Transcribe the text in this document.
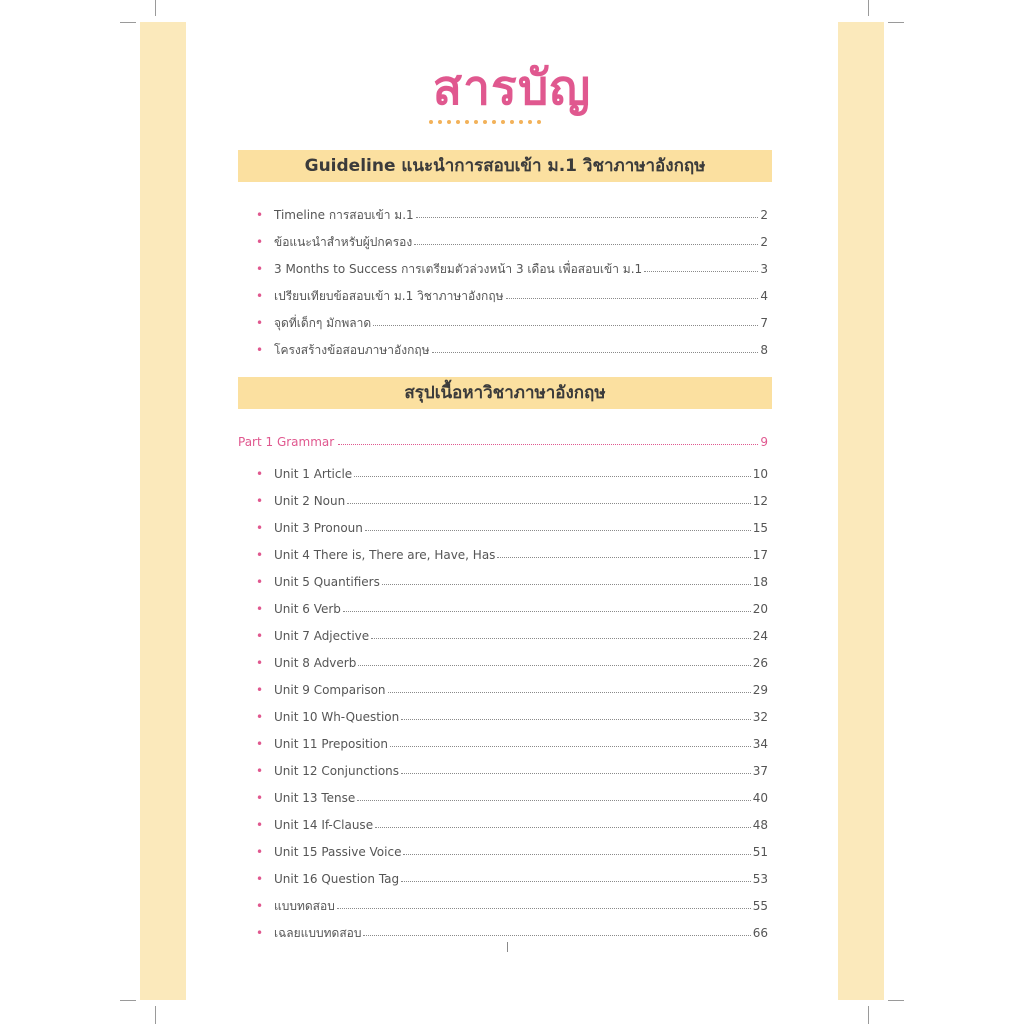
สารบัญ
Guideline แนะนำการสอบเข้า ม.1 วิชาภาษาอังกฤษ
• Timeline การสอบเข้า ม.1	2
• ข้อแนะนำสำหรับผู้ปกครอง	2
• 3 Months to Success การเตรียมตัวล่วงหน้า 3 เดือน เพื่อสอบเข้า ม.1	3
• เปรียบเทียบข้อสอบเข้า ม.1 วิชาภาษาอังกฤษ	4
• จุดที่เด็กๆ มักพลาด	7
• โครงสร้างข้อสอบภาษาอังกฤษ	8
สรุปเนื้อหาวิชาภาษาอังกฤษ
Part 1 Grammar	9
• Unit 1 Article	10
• Unit 2 Noun	12
• Unit 3 Pronoun	15
• Unit 4 There is, There are, Have, Has	17
• Unit 5 Quantifiers	18
• Unit 6 Verb	20
• Unit 7 Adjective	24
• Unit 8 Adverb	26
• Unit 9 Comparison	29
• Unit 10 Wh-Question	32
• Unit 11 Preposition	34
• Unit 12 Conjunctions	37
• Unit 13 Tense	40
• Unit 14 If-Clause	48
• Unit 15 Passive Voice	51
• Unit 16 Question Tag	53
• แบบทดสอบ	55
• เฉลยแบบทดสอบ	66
